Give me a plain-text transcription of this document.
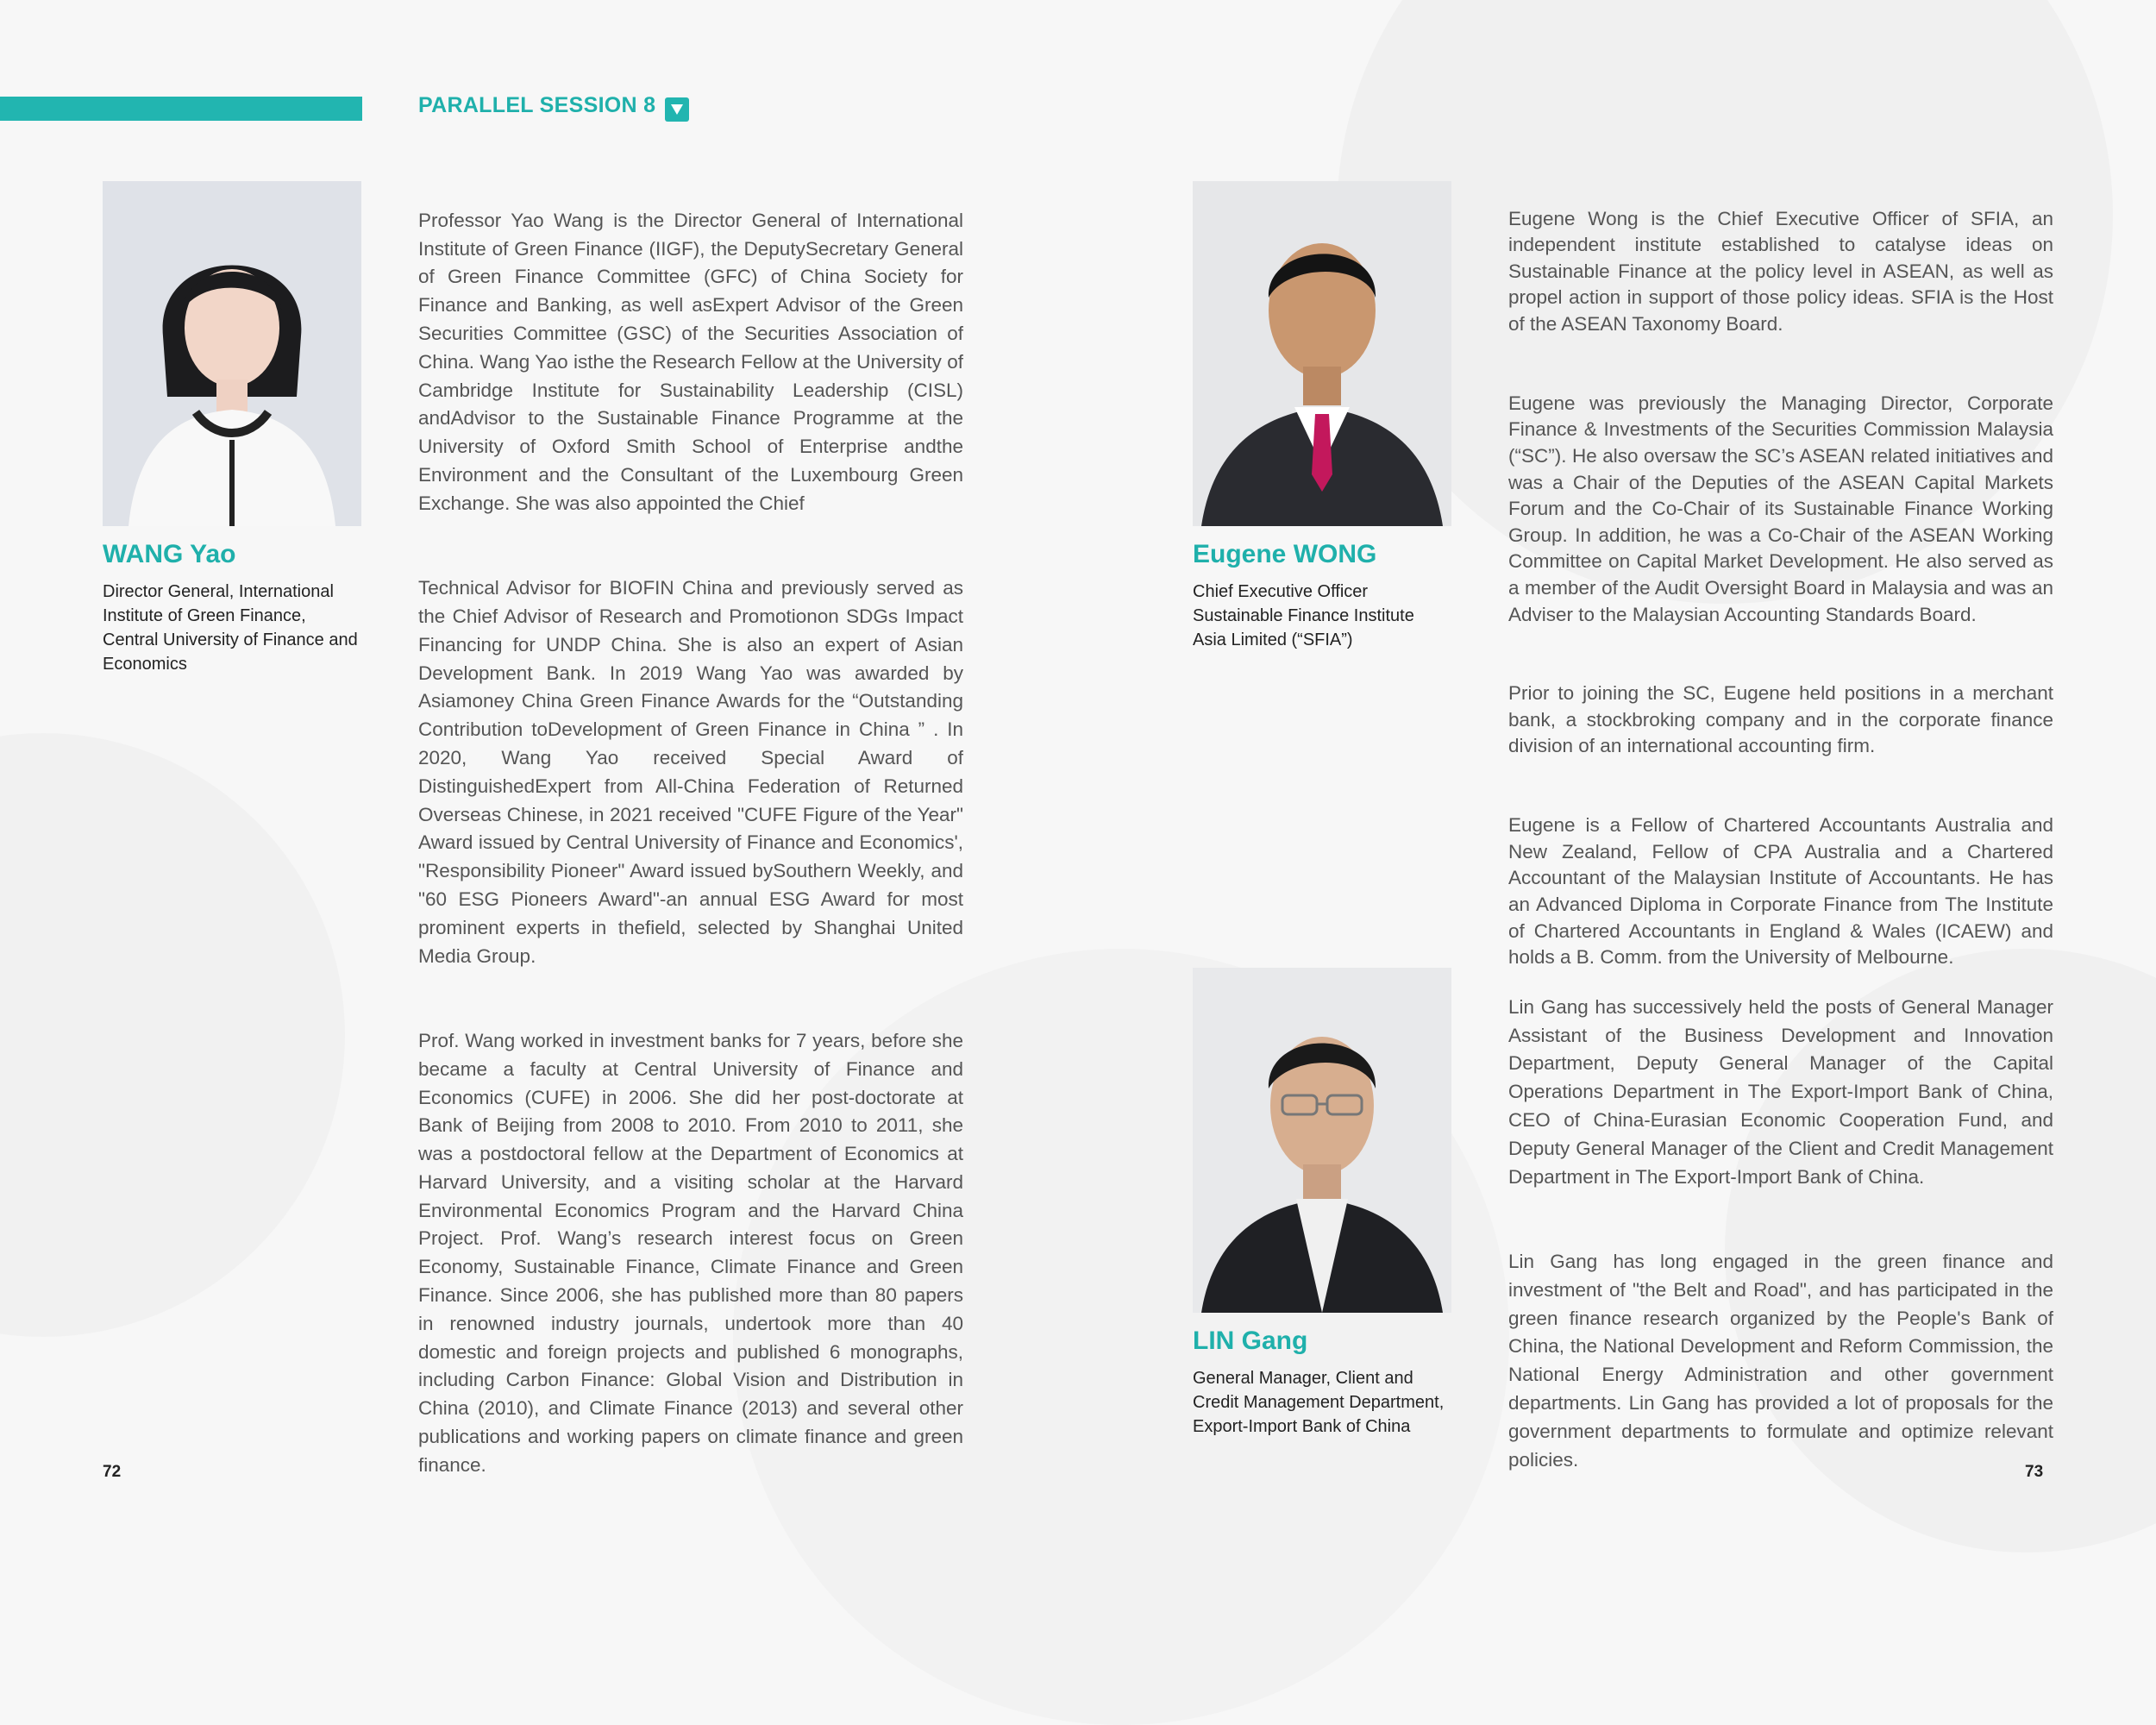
PARALLEL SESSION 8
WANG Yao
Director General, International
Institute of Green Finance,
Central University of Finance and
Economics

Professor Yao Wang is the Director General of International Institute of Green Finance (IIGF), the DeputySecretary General of Green Finance Committee (GFC) of China Society for Finance and Banking, as well asExpert Advisor of the Green Securities Committee (GSC) of the Securities Association of China. Wang Yao isthe the Research Fellow at the University of Cambridge Institute for Sustainability Leadership (CISL) andAdvisor to the Sustainable Finance Programme at the University of Oxford Smith School of Enterprise andthe Environment and the Consultant of the Luxembourg Green Exchange. She was also appointed the Chief

Technical Advisor for BIOFIN China and previously served as the Chief Advisor of Research and Promotionon SDGs Impact Financing for UNDP China. She is also an expert of Asian Development Bank. In 2019 Wang Yao was awarded by Asiamoney China Green Finance Awards for the “Outstanding Contribution toDevelopment of Green Finance in China ” . In 2020, Wang Yao received Special Award of DistinguishedExpert from All-China Federation of Returned Overseas Chinese, in 2021 received "CUFE Figure of the Year" Award issued by Central University of Finance and Economics', "Responsibility Pioneer" Award issued bySouthern Weekly, and "60 ESG Pioneers Award"-an annual ESG Award for most prominent experts in thefield, selected by Shanghai United Media Group.

Prof. Wang worked in investment banks for 7 years, before she became a faculty at Central University of Finance and Economics (CUFE) in 2006. She did her post-doctorate at Bank of Beijing from 2008 to 2010. From 2010 to 2011, she was a postdoctoral fellow at the Department of Economics at Harvard University, and a visiting scholar at the Harvard Environmental Economics Program and the Harvard China Project. Prof. Wang’s research interest focus on Green Economy, Sustainable Finance, Climate Finance and Green Finance. Since 2006, she has published more than 80 papers in renowned industry journals, undertook more than 40 domestic and foreign projects and published 6 monographs, including Carbon Finance: Global Vision and Distribution in China (2010), and Climate Finance (2013) and several other publications and working papers on climate finance and green finance.

Eugene WONG
Chief Executive Officer
Sustainable Finance Institute
Asia Limited (“SFIA”)

Eugene Wong is the Chief Executive Officer of SFIA, an independent institute established to catalyse ideas on Sustainable Finance at the policy level in ASEAN, as well as propel action in support of those policy ideas. SFIA is the Host of the ASEAN Taxonomy Board.

Eugene was previously the Managing Director, Corporate Finance & Investments of the Securities Commission Malaysia (“SC”). He also oversaw the SC’s ASEAN related initiatives and was a Chair of the Deputies of the ASEAN Capital Markets Forum and the Co-Chair of its Sustainable Finance Working Group. In addition, he was a Co-Chair of the ASEAN Working Committee on Capital Market Development. He also served as a member of the Audit Oversight Board in Malaysia and was an Adviser to the Malaysian Accounting Standards Board.

Prior to joining the SC, Eugene held positions in a merchant bank, a stockbroking company and in the corporate finance division of an international accounting firm.

Eugene is a Fellow of Chartered Accountants Australia and New Zealand, Fellow of CPA Australia and a Chartered Accountant of the Malaysian Institute of Accountants. He has an Advanced Diploma in Corporate Finance from The Institute of Chartered Accountants in England & Wales (ICAEW) and holds a B. Comm. from the University of Melbourne.

LIN Gang
General Manager, Client and
Credit Management Department,
Export-Import Bank of China

Lin Gang has successively held the posts of General Manager Assistant of the Business Development and Innovation Department, Deputy General Manager of the Capital Operations Department in The Export-Import Bank of China, CEO of China-Eurasian Economic Cooperation Fund, and Deputy General Manager of the Client and Credit Management Department in The Export-Import Bank of China.

Lin Gang has long engaged in the green finance and investment of "the Belt and Road", and has participated in the green finance research organized by the People's Bank of China, the National Development and Reform Commission, the National Energy Administration and other government departments. Lin Gang has provided a lot of proposals for the government departments to formulate and optimize relevant policies.

72	73
